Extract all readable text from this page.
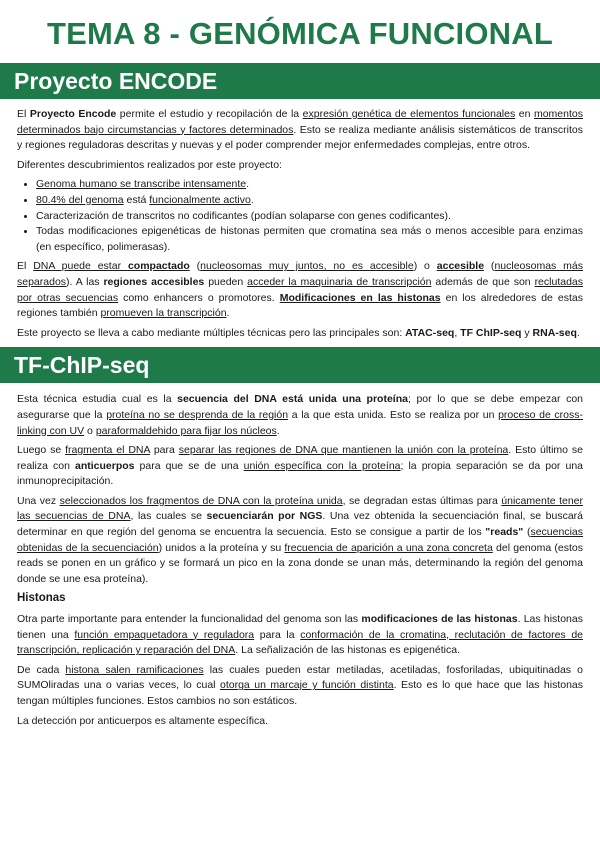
TEMA 8 - GENÓMICA FUNCIONAL
Proyecto ENCODE

El Proyecto Encode permite el estudio y recopilación de la expresión genética de elementos funcionales en momentos determinados bajo circumstancias y factores determinados. Esto se realiza mediante análisis sistemáticos de transcritos y regiones reguladoras descritas y nuevas y el poder comprender mejor enfermedades complejas, entre otros.

Diferentes descubrimientos realizados por este proyecto:

• Genoma humano se transcribe intensamente.
• 80.4% del genoma está funcionalmente activo.
• Caracterización de transcritos no codificantes (podían solaparse con genes codificantes).
• Todas modificaciones epigenéticas de histonas permiten que cromatina sea más o menos accesible para enzimas (en específico, polimerasas).

El DNA puede estar compactado (nucleosomas muy juntos, no es accesible) o accesible (nucleosomas más separados). A las regiones accesibles pueden acceder la maquinaria de transcripción además de que son reclutadas por otras secuencias como enhancers o promotores. Modificaciones en las histonas en los alrededores de estas regiones también promueven la transcripción.

Este proyecto se lleva a cabo mediante múltiples técnicas pero las principales son: ATAC-seq, TF ChIP-seq y RNA-seq.

TF-ChIP-seq

Esta técnica estudia cual es la secuencia del DNA está unida una proteína; por lo que se debe empezar con asegurarse que la proteína no se desprenda de la región a la que esta unida. Esto se realiza por un proceso de cross-linking con UV o paraformaldehido para fijar los núcleos.

Luego se fragmenta el DNA para separar las regiones de DNA que mantienen la unión con la proteína. Esto último se realiza con anticuerpos para que se de una unión específica con la proteína; la propia separación se da por una inmunoprecipitación.

Una vez seleccionados los fragmentos de DNA con la proteína unida, se degradan estas últimas para únicamente tener las secuencias de DNA, las cuales se secuenciarán por NGS. Una vez obtenida la secuenciación final, se buscará determinar en que región del genoma se encuentra la secuencia. Esto se consigue a partir de los "reads" (secuencias obtenidas de la secuenciación) unidos a la proteína y su frecuencia de aparición a una zona concreta del genoma (estos reads se ponen en un gráfico y se formará un pico en la zona donde se unan más, determinando la región del genoma donde se une esa proteína).

Histonas

Otra parte importante para entender la funcionalidad del genoma son las modificaciones de las histonas. Las histonas tienen una función empaquetadora y reguladora para la conformación de la cromatina, reclutación de factores de transcripción, replicación y reparación del DNA. La señalización de las histonas es epigenética.

De cada histona salen ramificaciones las cuales pueden estar metiladas, acetiladas, fosforiladas, ubiquitinadas o SUMOliradas una o varias veces, lo cual otorga un marcaje y función distinta. Esto es lo que hace que las histonas tengan múltiples funciones. Estos cambios no son estáticos.

La detección por anticuerpos es altamente específica.
